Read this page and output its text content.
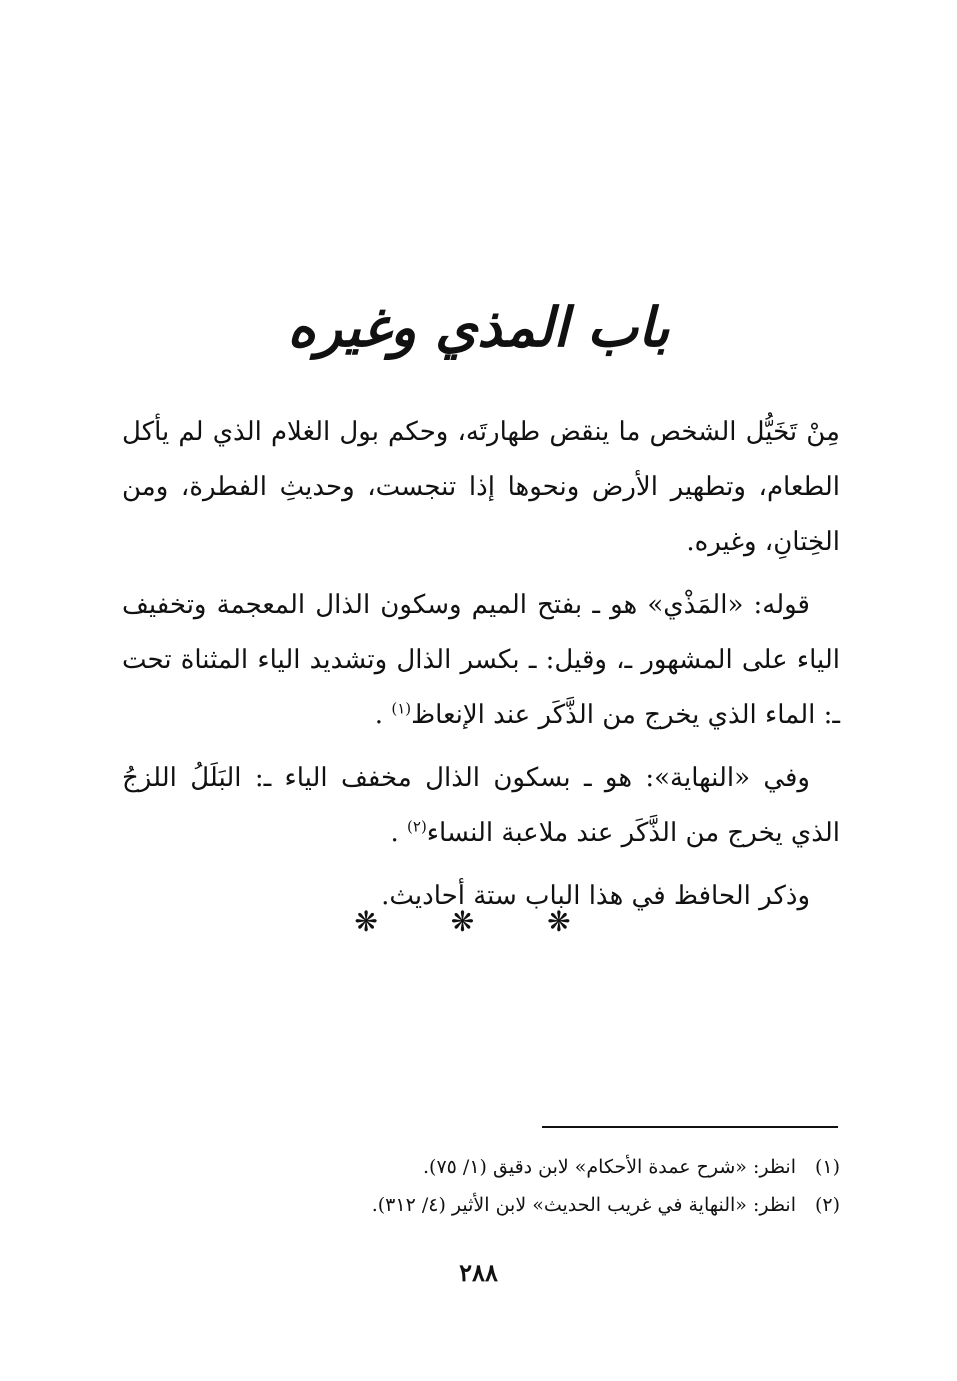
باب المذي وغيره

مِنْ تَخَيُّل الشخص ما ينقض طهارتَه، وحكم بول الغلام الذي لم يأكل الطعام، وتطهير الأرض ونحوها إذا تنجست، وحديثِ الفطرة، ومن الخِتانِ، وغيره.

قوله: «المَذْي» هو ـ بفتح الميم وسكون الذال المعجمة وتخفيف الياء على المشهور ـ، وقيل: ـ بكسر الذال وتشديد الياء المثناة تحت ـ: الماء الذي يخرج من الذَّكَر عند الإنعاظ$^{(١)}$ .

وفي «النهاية»: هو ـ بسكون الذال مخفف الياء ـ: البَلَلُ اللزجُ الذي يخرج من الذَّكَر عند ملاعبة النساء$^{(٢)}$ .

وذكر الحافظ في هذا الباب ستة أحاديث.

❋ ❋ ❋
(١)انظر: «شرح عمدة الأحكام» لابن دقيق (١/ ٧٥).
(٢)انظر: «النهاية في غريب الحديث» لابن الأثير (٤/ ٣١٢).
٢٨٨
